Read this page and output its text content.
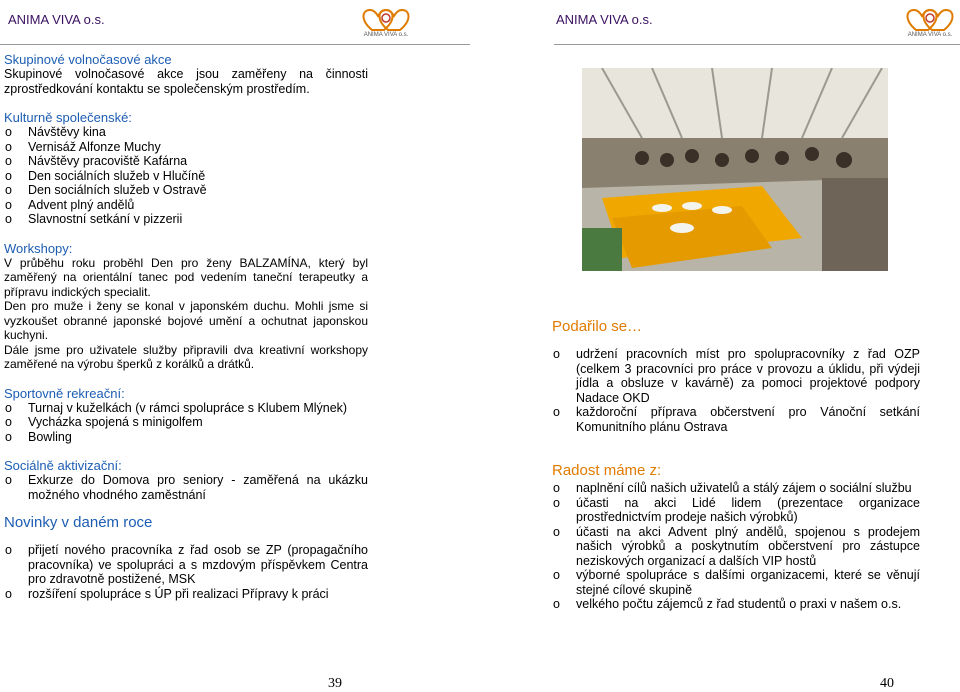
ANIMA VIVA o.s.
ANIMA VIVA o.s.
Skupinové volnočasové akce
Skupinové volnočasové akce jsou zaměřeny na činnosti zprostředkování kontaktu se společenským prostředím.
Kulturně společenské:
o Návštěvy kina
o Vernisáž Alfonze Muchy
o Návštěvy pracoviště Kafárna
o Den sociálních služeb v Hlučíně
o Den sociálních služeb v Ostravě
o Advent plný andělů
o Slavnostní setkání v pizzerii
Workshopy:
V průběhu roku proběhl Den pro ženy BALZAMÍNA, který byl zaměřený na orientální tanec pod vedením taneční terapeutky a přípravu indických specialit.
Den pro muže i ženy se konal v japonském duchu. Mohli jsme si vyzkoušet obranné japonské bojové umění a ochutnat japonskou kuchyni.
Dále jsme pro uživatele služby připravili dva kreativní workshopy zaměřené na výrobu šperků z korálků a drátků.
Sportovně rekreační:
o Turnaj v kuželkách (v rámci spolupráce s Klubem Mlýnek)
o Vycházka spojená s minigolfem
o Bowling
Sociálně aktivizační:
o Exkurze do Domova pro seniory - zaměřená na ukázku možného vhodného zaměstnání
Novinky v daném roce
o přijetí nového pracovníka z řad osob se ZP (propagačního pracovníka) ve spolupráci a s mzdovým příspěvkem Centra pro zdravotně postižené, MSK
o rozšíření spolupráce s ÚP při realizaci Přípravy k práci
39
ANIMA VIVA o.s.
ANIMA VIVA o.s.
Podařilo se…
o udržení pracovních míst pro spolupracovníky z řad OZP (celkem 3 pracovníci pro práce v provozu a úklidu, při výdeji jídla a obsluze v kavárně) za pomoci projektové podpory Nadace OKD
o každoroční příprava občerstvení pro Vánoční setkání Komunitního plánu Ostrava
Radost máme z:
o naplnění cílů našich uživatelů a stálý zájem o sociální službu
o účasti na akci Lidé lidem (prezentace organizace prostřednictvím prodeje našich výrobků)
o účasti na akci Advent plný andělů, spojenou s prodejem našich výrobků a poskytnutím občerstvení pro zástupce neziskových organizací a dalších VIP hostů
o výborné spolupráce s dalšími organizacemi, které se věnují stejné cílové skupině
o velkého počtu zájemců z řad studentů o praxi v našem o.s.
40
